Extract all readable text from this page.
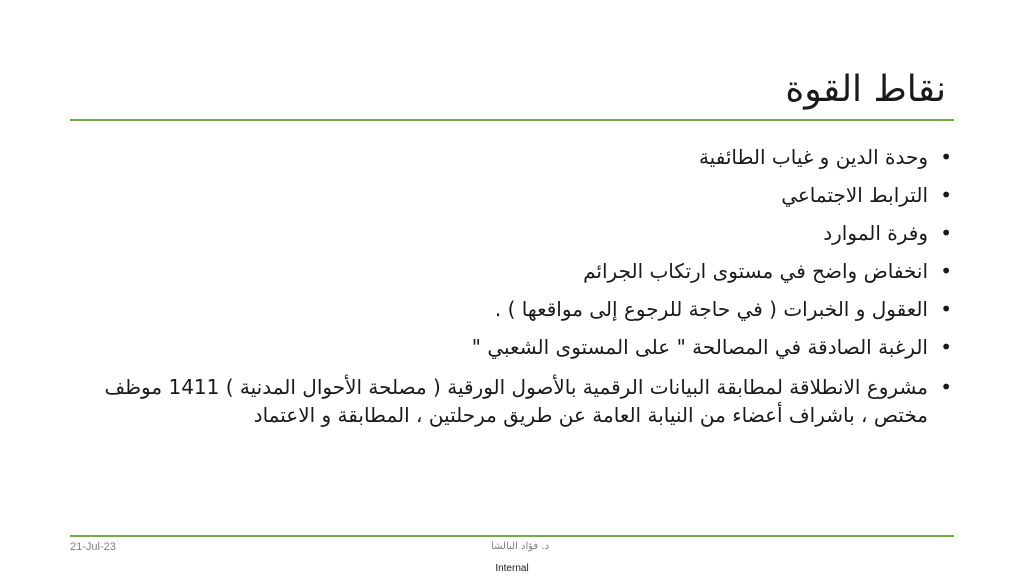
نقاط القوة
• وحدة الدين و غياب الطائفية
• الترابط الاجتماعي
• وفرة الموارد
• انخفاض واضح في مستوى ارتكاب الجرائم
• العقول و الخبرات ( في حاجة للرجوع إلى مواقعها ) .
• الرغبة الصادقة في المصالحة " على المستوى الشعبي "
• مشروع الانطلاقة لمطابقة البيانات الرقمية بالأصول الورقية ( مصلحة الأحوال المدنية ) 1411 موظف مختص ، باشراف أعضاء من النيابة العامة عن طريق مرحلتين ، المطابقة و الاعتماد
21-Jul-23	د. فؤاد البالشا
Internal
